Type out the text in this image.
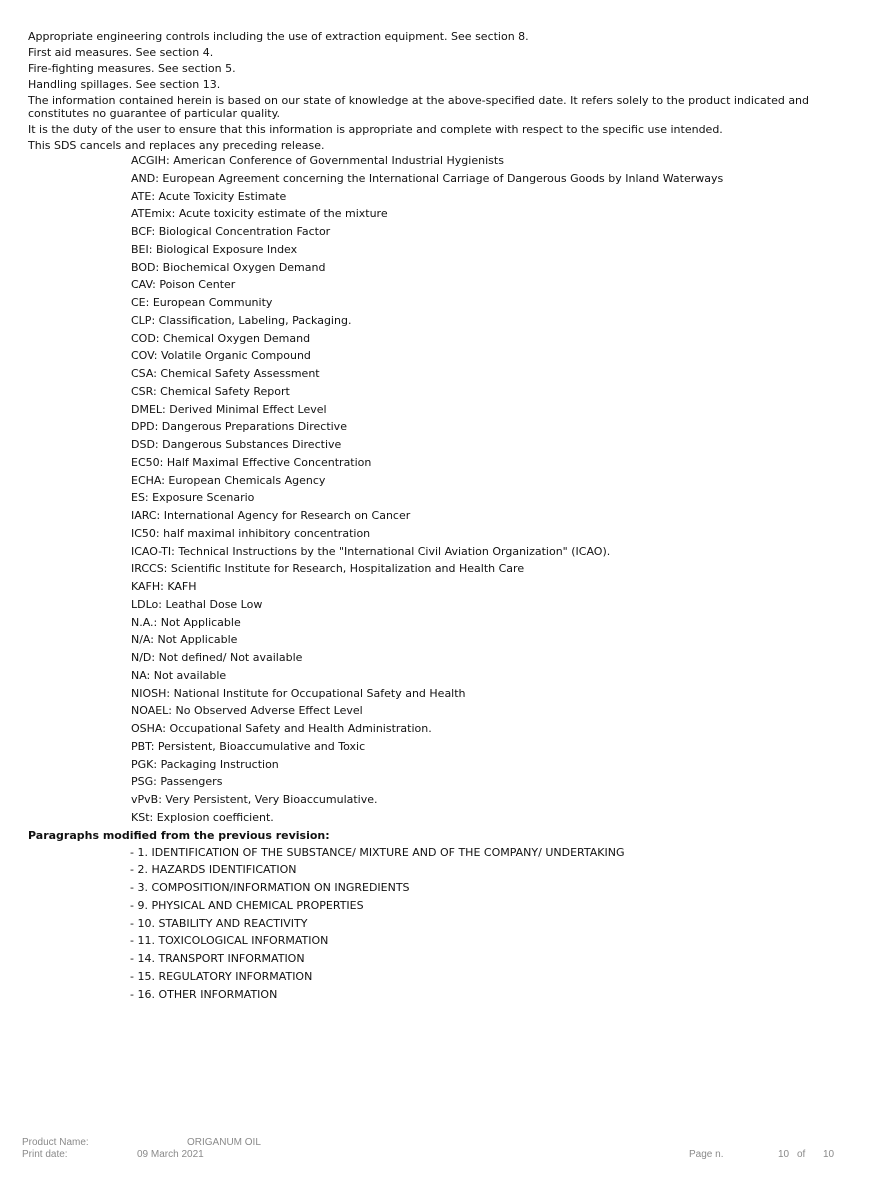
Appropriate engineering controls including the use of extraction equipment. See section 8.
First aid measures. See section 4.
Fire-fighting measures. See section 5.
Handling spillages. See section 13.
The information contained herein is based on our state of knowledge at the above-specified date. It refers solely to the product indicated and constitutes no guarantee of particular quality.
It is the duty of the user to ensure that this information is appropriate and complete with respect to the specific use intended.
This SDS cancels and replaces any preceding release.
ACGIH: American Conference of Governmental Industrial Hygienists
AND: European Agreement concerning the International Carriage of Dangerous Goods by Inland Waterways
ATE: Acute Toxicity Estimate
ATEmix: Acute toxicity estimate of the mixture
BCF: Biological Concentration Factor
BEI: Biological Exposure Index
BOD: Biochemical Oxygen Demand
CAV: Poison Center
CE: European Community
CLP: Classification, Labeling, Packaging.
COD: Chemical Oxygen Demand
COV: Volatile Organic Compound
CSA: Chemical Safety Assessment
CSR: Chemical Safety Report
DMEL: Derived Minimal Effect Level
DPD: Dangerous Preparations Directive
DSD: Dangerous Substances Directive
EC50: Half Maximal Effective Concentration
ECHA: European Chemicals Agency
ES: Exposure Scenario
IARC: International Agency for Research on Cancer
IC50: half maximal inhibitory concentration
ICAO-TI: Technical Instructions by the "International Civil Aviation Organization" (ICAO).
IRCCS: Scientific Institute for Research, Hospitalization and Health Care
KAFH: KAFH
LDLo: Leathal Dose Low
N.A.: Not Applicable
N/A: Not Applicable
N/D: Not defined/ Not available
NA: Not available
NIOSH: National Institute for Occupational Safety and Health
NOAEL: No Observed Adverse Effect Level
OSHA: Occupational Safety and Health Administration.
PBT: Persistent, Bioaccumulative and Toxic
PGK: Packaging Instruction
PSG: Passengers
vPvB: Very Persistent, Very Bioaccumulative.
KSt: Explosion coefficient.
Paragraphs modified from the previous revision:
- 1. IDENTIFICATION OF THE SUBSTANCE/ MIXTURE AND OF THE COMPANY/ UNDERTAKING
- 2. HAZARDS IDENTIFICATION
- 3. COMPOSITION/INFORMATION ON INGREDIENTS
- 9. PHYSICAL AND CHEMICAL PROPERTIES
- 10. STABILITY AND REACTIVITY
- 11. TOXICOLOGICAL INFORMATION
- 14. TRANSPORT INFORMATION
- 15. REGULATORY INFORMATION
- 16. OTHER INFORMATION
Product Name:	ORIGANUM OIL
Print date:	09 March 2021	Page n.	10 of 10
